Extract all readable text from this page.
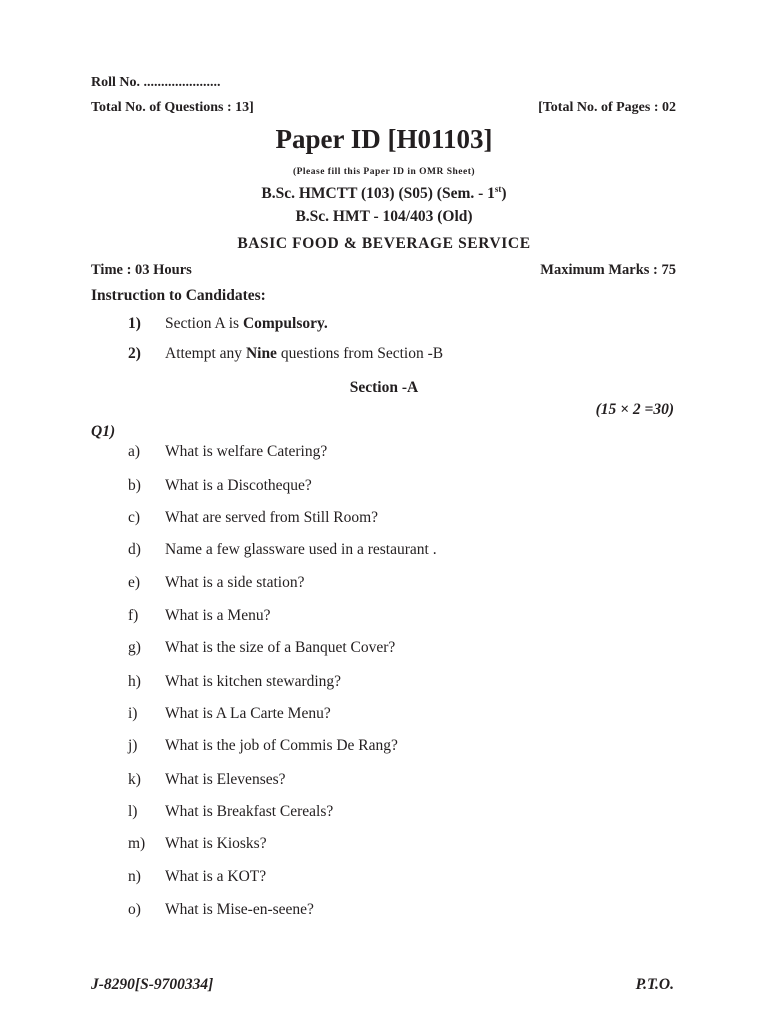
Roll No. ......................
Total No. of Questions : 13]	[Total No. of Pages : 02
Paper ID [H01103]
(Please fill this Paper ID in OMR Sheet)
B.Sc. HMCTT (103) (S05) (Sem. - 1st)
B.Sc. HMT - 104/403 (Old)
BASIC FOOD & BEVERAGE SERVICE
Time : 03 Hours	Maximum Marks : 75
Instruction to Candidates:
1) Section A is Compulsory.
2) Attempt any Nine questions from Section -B
Section -A
(15 × 2 =30)
Q1)
a) What is welfare Catering?
b) What is a Discotheque?
c) What are served from Still Room?
d) Name a few glassware used in a restaurant .
e) What is a side station?
f) What is a Menu?
g) What is the size of a Banquet Cover?
h) What is kitchen stewarding?
i) What is A La Carte Menu?
j) What is the job of Commis De Rang?
k) What is Elevenses?
l) What is Breakfast Cereals?
m) What is Kiosks?
n) What is a KOT?
o) What is Mise-en-seene?
J-8290[S-9700334]	P.T.O.
